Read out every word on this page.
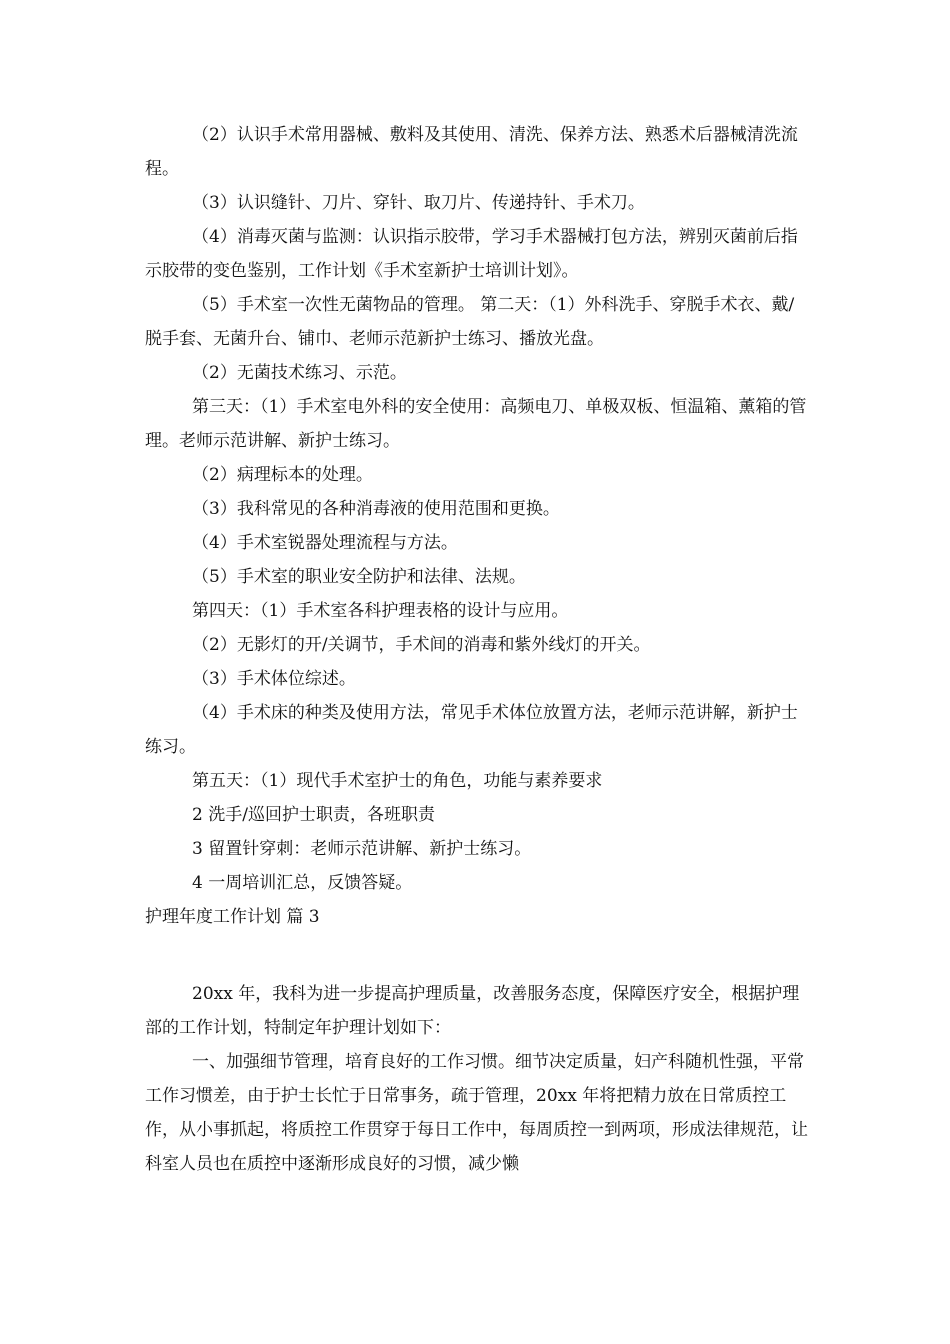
（2）认识手术常用器械、敷料及其使用、清洗、保养方法、熟悉术后器械清洗流程。

（3）认识缝针、刀片、穿针、取刀片、传递持针、手术刀。

（4）消毒灭菌与监测：认识指示胶带，学习手术器械打包方法，辨别灭菌前后指示胶带的变色鉴别，工作计划《手术室新护士培训计划》。

（5）手术室一次性无菌物品的管理。 第二天：（1）外科洗手、穿脱手术衣、戴/脱手套、无菌升台、铺巾、老师示范新护士练习、播放光盘。

（2）无菌技术练习、示范。

第三天：（1）手术室电外科的安全使用：高频电刀、单极双板、恒温箱、薰箱的管理。老师示范讲解、新护士练习。

（2）病理标本的处理。

（3）我科常见的各种消毒液的使用范围和更换。

（4）手术室锐器处理流程与方法。

（5）手术室的职业安全防护和法律、法规。

第四天：（1）手术室各科护理表格的设计与应用。

（2）无影灯的开/关调节，手术间的消毒和紫外线灯的开关。

（3）手术体位综述。

（4）手术床的种类及使用方法，常见手术体位放置方法，老师示范讲解，新护士练习。

第五天：（1）现代手术室护士的角色，功能与素养要求

2 洗手/巡回护士职责，各班职责

3 留置针穿刺：老师示范讲解、新护士练习。

4 一周培训汇总，反馈答疑。

护理年度工作计划 篇 3

20xx 年，我科为进一步提高护理质量，改善服务态度，保障医疗安全，根据护理部的工作计划，特制定年护理计划如下：

一、加强细节管理，培育良好的工作习惯。细节决定质量，妇产科随机性强，平常工作习惯差，由于护士长忙于日常事务，疏于管理，20xx 年将把精力放在日常质控工作，从小事抓起，将质控工作贯穿于每日工作中，每周质控一到两项，形成法律规范，让科室人员也在质控中逐渐形成良好的习惯，减少懒
